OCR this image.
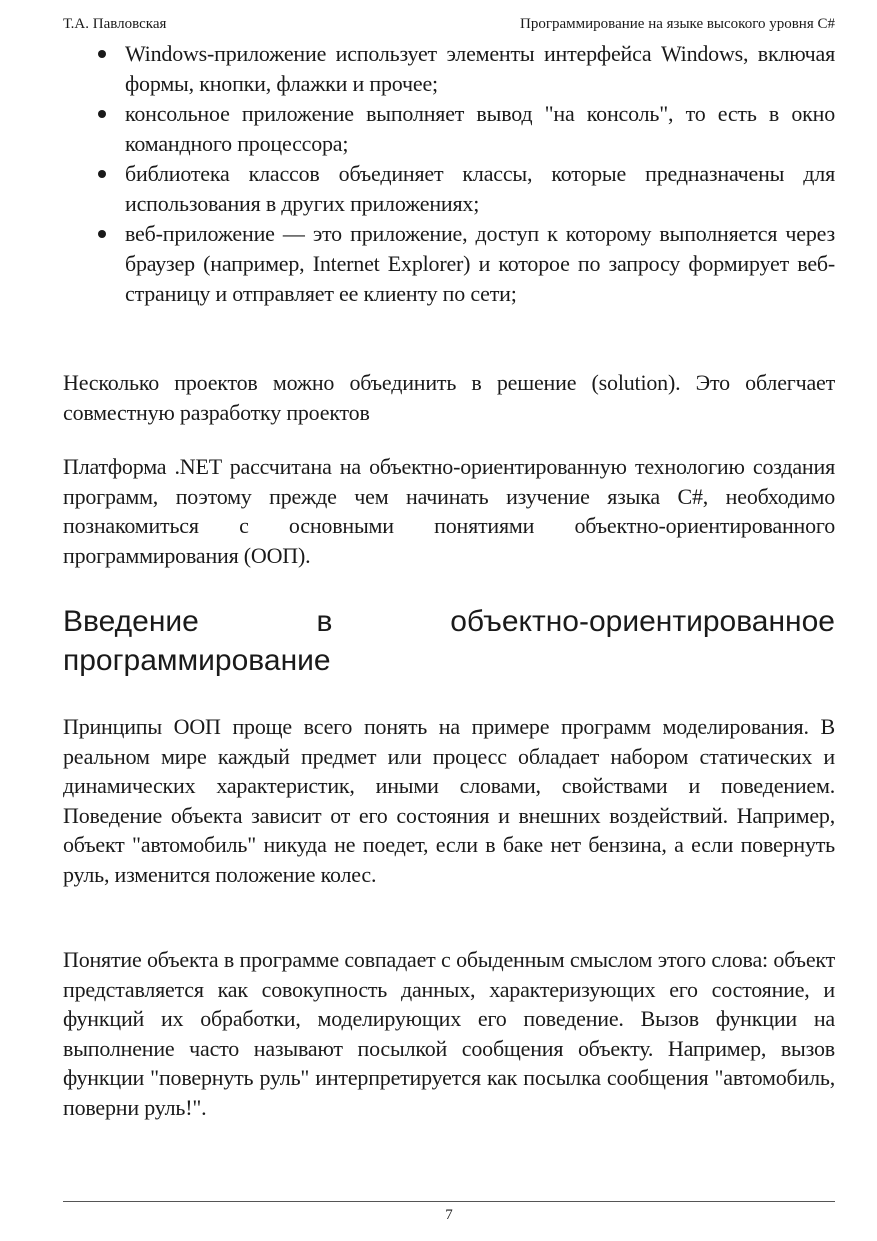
Т.А. Павловская	Программирование на языке высокого уровня C#
Windows-приложение использует элементы интерфейса Windows, включая формы, кнопки, флажки и прочее;
консольное приложение выполняет вывод "на консоль", то есть в окно командного процессора;
библиотека классов объединяет классы, которые предназначены для использования в других приложениях;
веб-приложение — это приложение, доступ к которому выполняется через браузер (например, Internet Explorer) и которое по запросу формирует веб-страницу и отправляет ее клиенту по сети;

Несколько проектов можно объединить в решение (solution). Это облегчает совместную разработку проектов

Платформа .NET рассчитана на объектно-ориентированную технологию создания программ, поэтому прежде чем начинать изучение языка C#, необходимо познакомиться с основными понятиями объектно-ориентированного программирования (ООП).

Введение в объектно-ориентированное программирование

Принципы ООП проще всего понять на примере программ моделирования. В реальном мире каждый предмет или процесс обладает набором статических и динамических характеристик, иными словами, свойствами и поведением. Поведение объекта зависит от его состояния и внешних воздействий. Например, объект "автомобиль" никуда не поедет, если в баке нет бензина, а если повернуть руль, изменится положение колес.

Понятие объекта в программе совпадает с обыденным смыслом этого слова: объект представляется как совокупность данных, характеризующих его состояние, и функций их обработки, моделирующих его поведение. Вызов функции на выполнение часто называют посылкой сообщения объекту. Например, вызов функции "повернуть руль" интерпретируется как посылка сообщения "автомобиль, поверни руль!".

7
